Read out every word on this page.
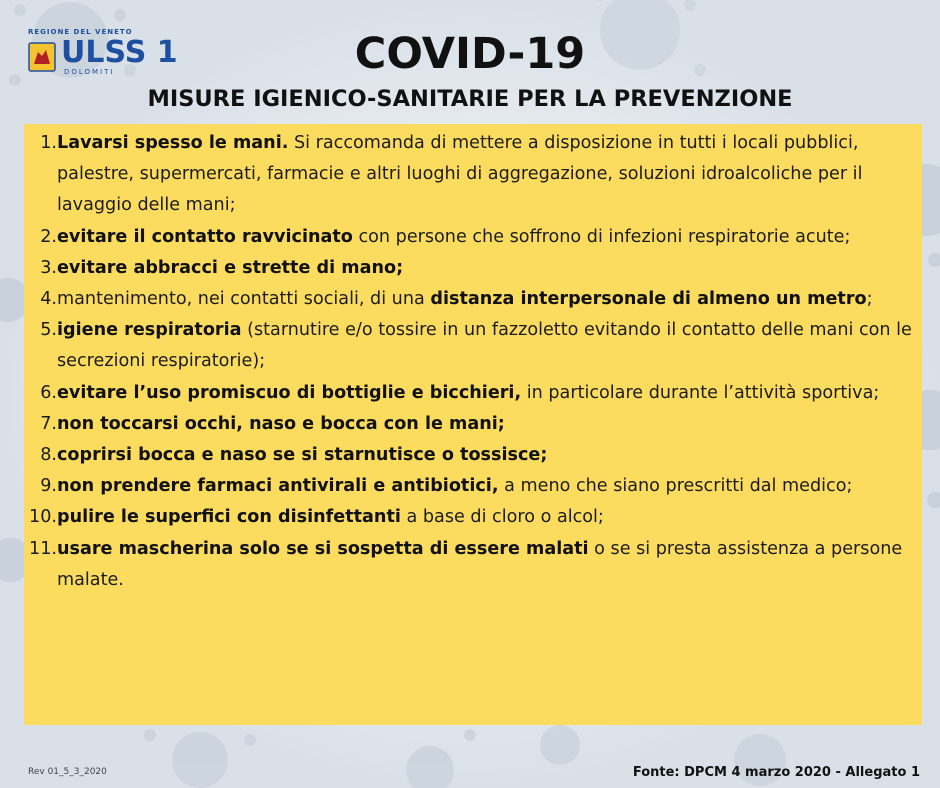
REGIONE DEL VENETO
ULSS 1
DOLOMITI	COVID-19
MISURE IGIENICO-SANITARIE PER LA PREVENZIONE
1. Lavarsi spesso le mani. Si raccomanda di mettere a disposizione in tutti i locali pubblici, palestre, supermercati, farmacie e altri luoghi di aggregazione, soluzioni idroalcoliche per il lavaggio delle mani;
2. evitare il contatto ravvicinato con persone che soffrono di infezioni respiratorie acute;
3. evitare abbracci e strette di mano;
4. mantenimento, nei contatti sociali, di una distanza interpersonale di almeno un metro;
5. igiene respiratoria (starnutire e/o tossire in un fazzoletto evitando il contatto delle mani con le secrezioni respiratorie);
6. evitare l’uso promiscuo di bottiglie e bicchieri, in particolare durante l’attività sportiva;
7. non toccarsi occhi, naso e bocca con le mani;
8. coprirsi bocca e naso se si starnutisce o tossisce;
9. non prendere farmaci antivirali e antibiotici, a meno che siano prescritti dal medico;
10. pulire le superfici con disinfettanti a base di cloro o alcol;
11. usare mascherina solo se si sospetta di essere malati o se si presta assistenza a persone malate.
Rev 01_5_3_2020	Fonte: DPCM 4 marzo 2020 - Allegato 1
